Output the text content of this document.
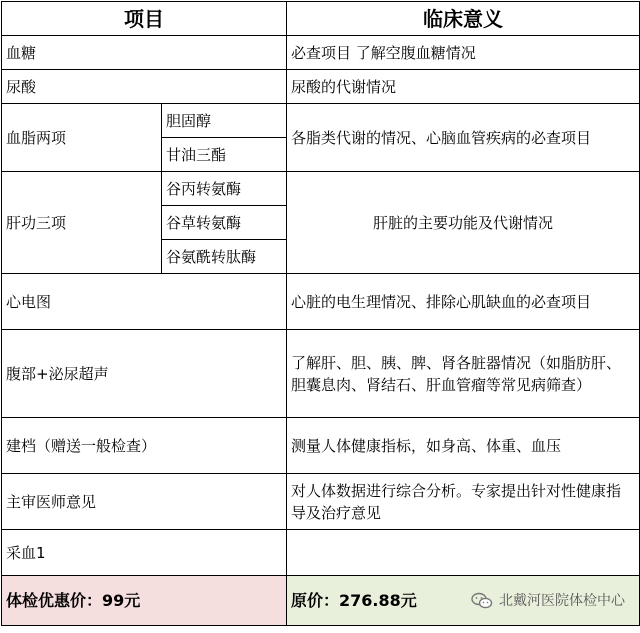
项目		临床意义
血糖		必查项目 了解空腹血糖情况
尿酸		尿酸的代谢情况
血脂两项	胆固醇	各脂类代谢的情况、心脑血管疾病的必查项目
	甘油三酯	
肝功三项	谷丙转氨酶	肝脏的主要功能及代谢情况
	谷草转氨酶	
	谷氨酰转肽酶	
心电图		心脏的电生理情况、排除心肌缺血的必查项目
腹部+泌尿超声		了解肝、胆、胰、脾、肾各脏器情况（如脂肪肝、胆囊息肉、肾结石、肝血管瘤等常见病筛查）
建档（赠送一般检查）		测量人体健康指标，如身高、体重、血压
主审医师意见		对人体数据进行综合分析。专家提出针对性健康指导及治疗意见
采血1		
体检优惠价：99元		原价：276.88元 北戴河医院体检中心
